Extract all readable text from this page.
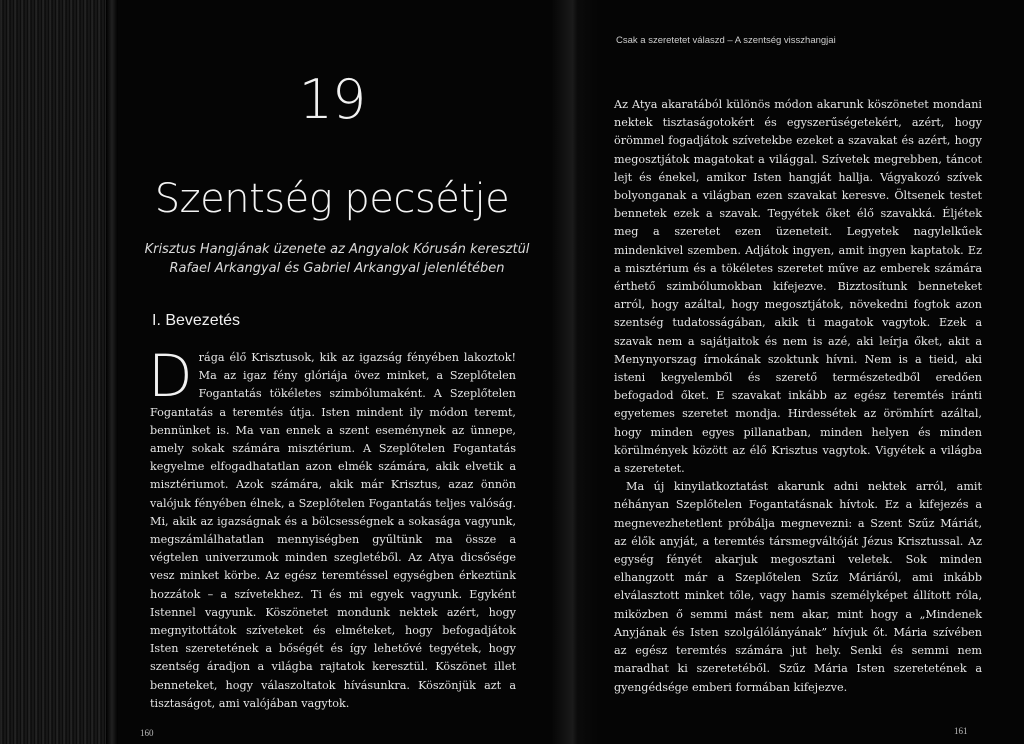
19
Szentség pecsétje
Krisztus Hangjának üzenete az Angyalok Kórusán keresztül
Rafael Arkangyal és Gabriel Arkangyal jelenlétében
I. Bevezetés
D rága élő Krisztusok, kik az igazság fényében lakoztok! Ma az igaz fény glóriája övez minket, a Szeplőtelen Fogantatás tökéletes szimbólumaként. A Szeplőtelen Fogantatás a teremtés útja. Isten mindent ily módon teremt, bennünket is. Ma van ennek a szent eseménynek az ünnepe, amely sokak számára misztérium. A Szeplőtelen Fogantatás kegyelme elfogadhatatlan azon elmék számára, akik elvetik a misztériumot. Azok számára, akik már Krisztus, azaz önnön valójuk fényében élnek, a Szeplőtelen Fogantatás teljes valóság. Mi, akik az igazságnak és a bölcsességnek a sokasága vagyunk, megszámlálhatatlan mennyiségben gyűltünk ma össze a végtelen univerzumok minden szegletéből. Az Atya dicsősége vesz minket körbe. Az egész teremtéssel egységben érkeztünk hozzátok – a szívetekhez. Ti és mi egyek vagyunk. Egyként Istennel vagyunk. Köszönetet mondunk nektek azért, hogy megnyitottátok szíveteket és elméteket, hogy befogadjátok Isten szeretetének a bőségét és így lehetővé tegyétek, hogy szentség áradjon a világba rajtatok keresztül. Köszönet illet benneteket, hogy válaszoltatok hívásunkra. Köszönjük azt a tisztaságot, ami valójában vagytok.

160
Csak a szeretetet válaszd – A szentség visszhangjai

Az Atya akaratából különös módon akarunk köszönetet mondani nektek tisztaságotokért és egyszerűségetekért, azért, hogy örömmel fogadjátok szívetekbe ezeket a szavakat és azért, hogy megosztjátok magatokat a világgal. Szívetek megrebben, táncot lejt és énekel, amikor Isten hangját hallja. Vágyakozó szívek bolyonganak a világban ezen szavakat keresve. Öltsenek testet bennetek ezek a szavak. Tegyétek őket élő szavakká. Éljétek meg a szeretet ezen üzeneteit. Legyetek nagylelkűek mindenkivel szemben. Adjátok ingyen, amit ingyen kaptatok. Ez a misztérium és a tökéletes szeretet műve az emberek számára érthető szimbólumokban kifejezve. Bizztosítunk benneteket arról, hogy azáltal, hogy megosztjátok, növekedni fogtok azon szentség tudatosságában, akik ti magatok vagytok. Ezek a szavak nem a sajátjaitok és nem is azé, aki leírja őket, akit a Menynyorszag írnokának szoktunk hívni. Nem is a tieid, aki isteni kegyelemből és szerető természetedből eredően befogadod őket. E szavakat inkább az egész teremtés iránti egyetemes szeretet mondja. Hirdessétek az örömhírt azáltal, hogy minden egyes pillanatban, minden helyen és minden körülmények között az élő Krisztus vagytok. Vigyétek a világba a szeretetet.

Ma új kinyilatkoztatást akarunk adni nektek arról, amit néhányan Szeplőtelen Fogantatásnak hívtok. Ez a kifejezés a megnevezhetetlent próbálja megnevezni: a Szent Szűz Máriát, az élők anyját, a teremtés társmegváltóját Jézus Krisztussal. Az egység fényét akarjuk megosztani veletek. Sok minden elhangzott már a Szeplőtelen Szűz Máriáról, ami inkább elválasztott minket tőle, vagy hamis személyképet állított róla, miközben ő semmi mást nem akar, mint hogy a „Mindenek Anyjának és Isten szolgálólányának” hívjuk őt. Mária szívében az egész teremtés számára jut hely. Senki és semmi nem maradhat ki szeretetéből. Szűz Mária Isten szeretetének a gyengédsége emberi formában kifejezve.

161
